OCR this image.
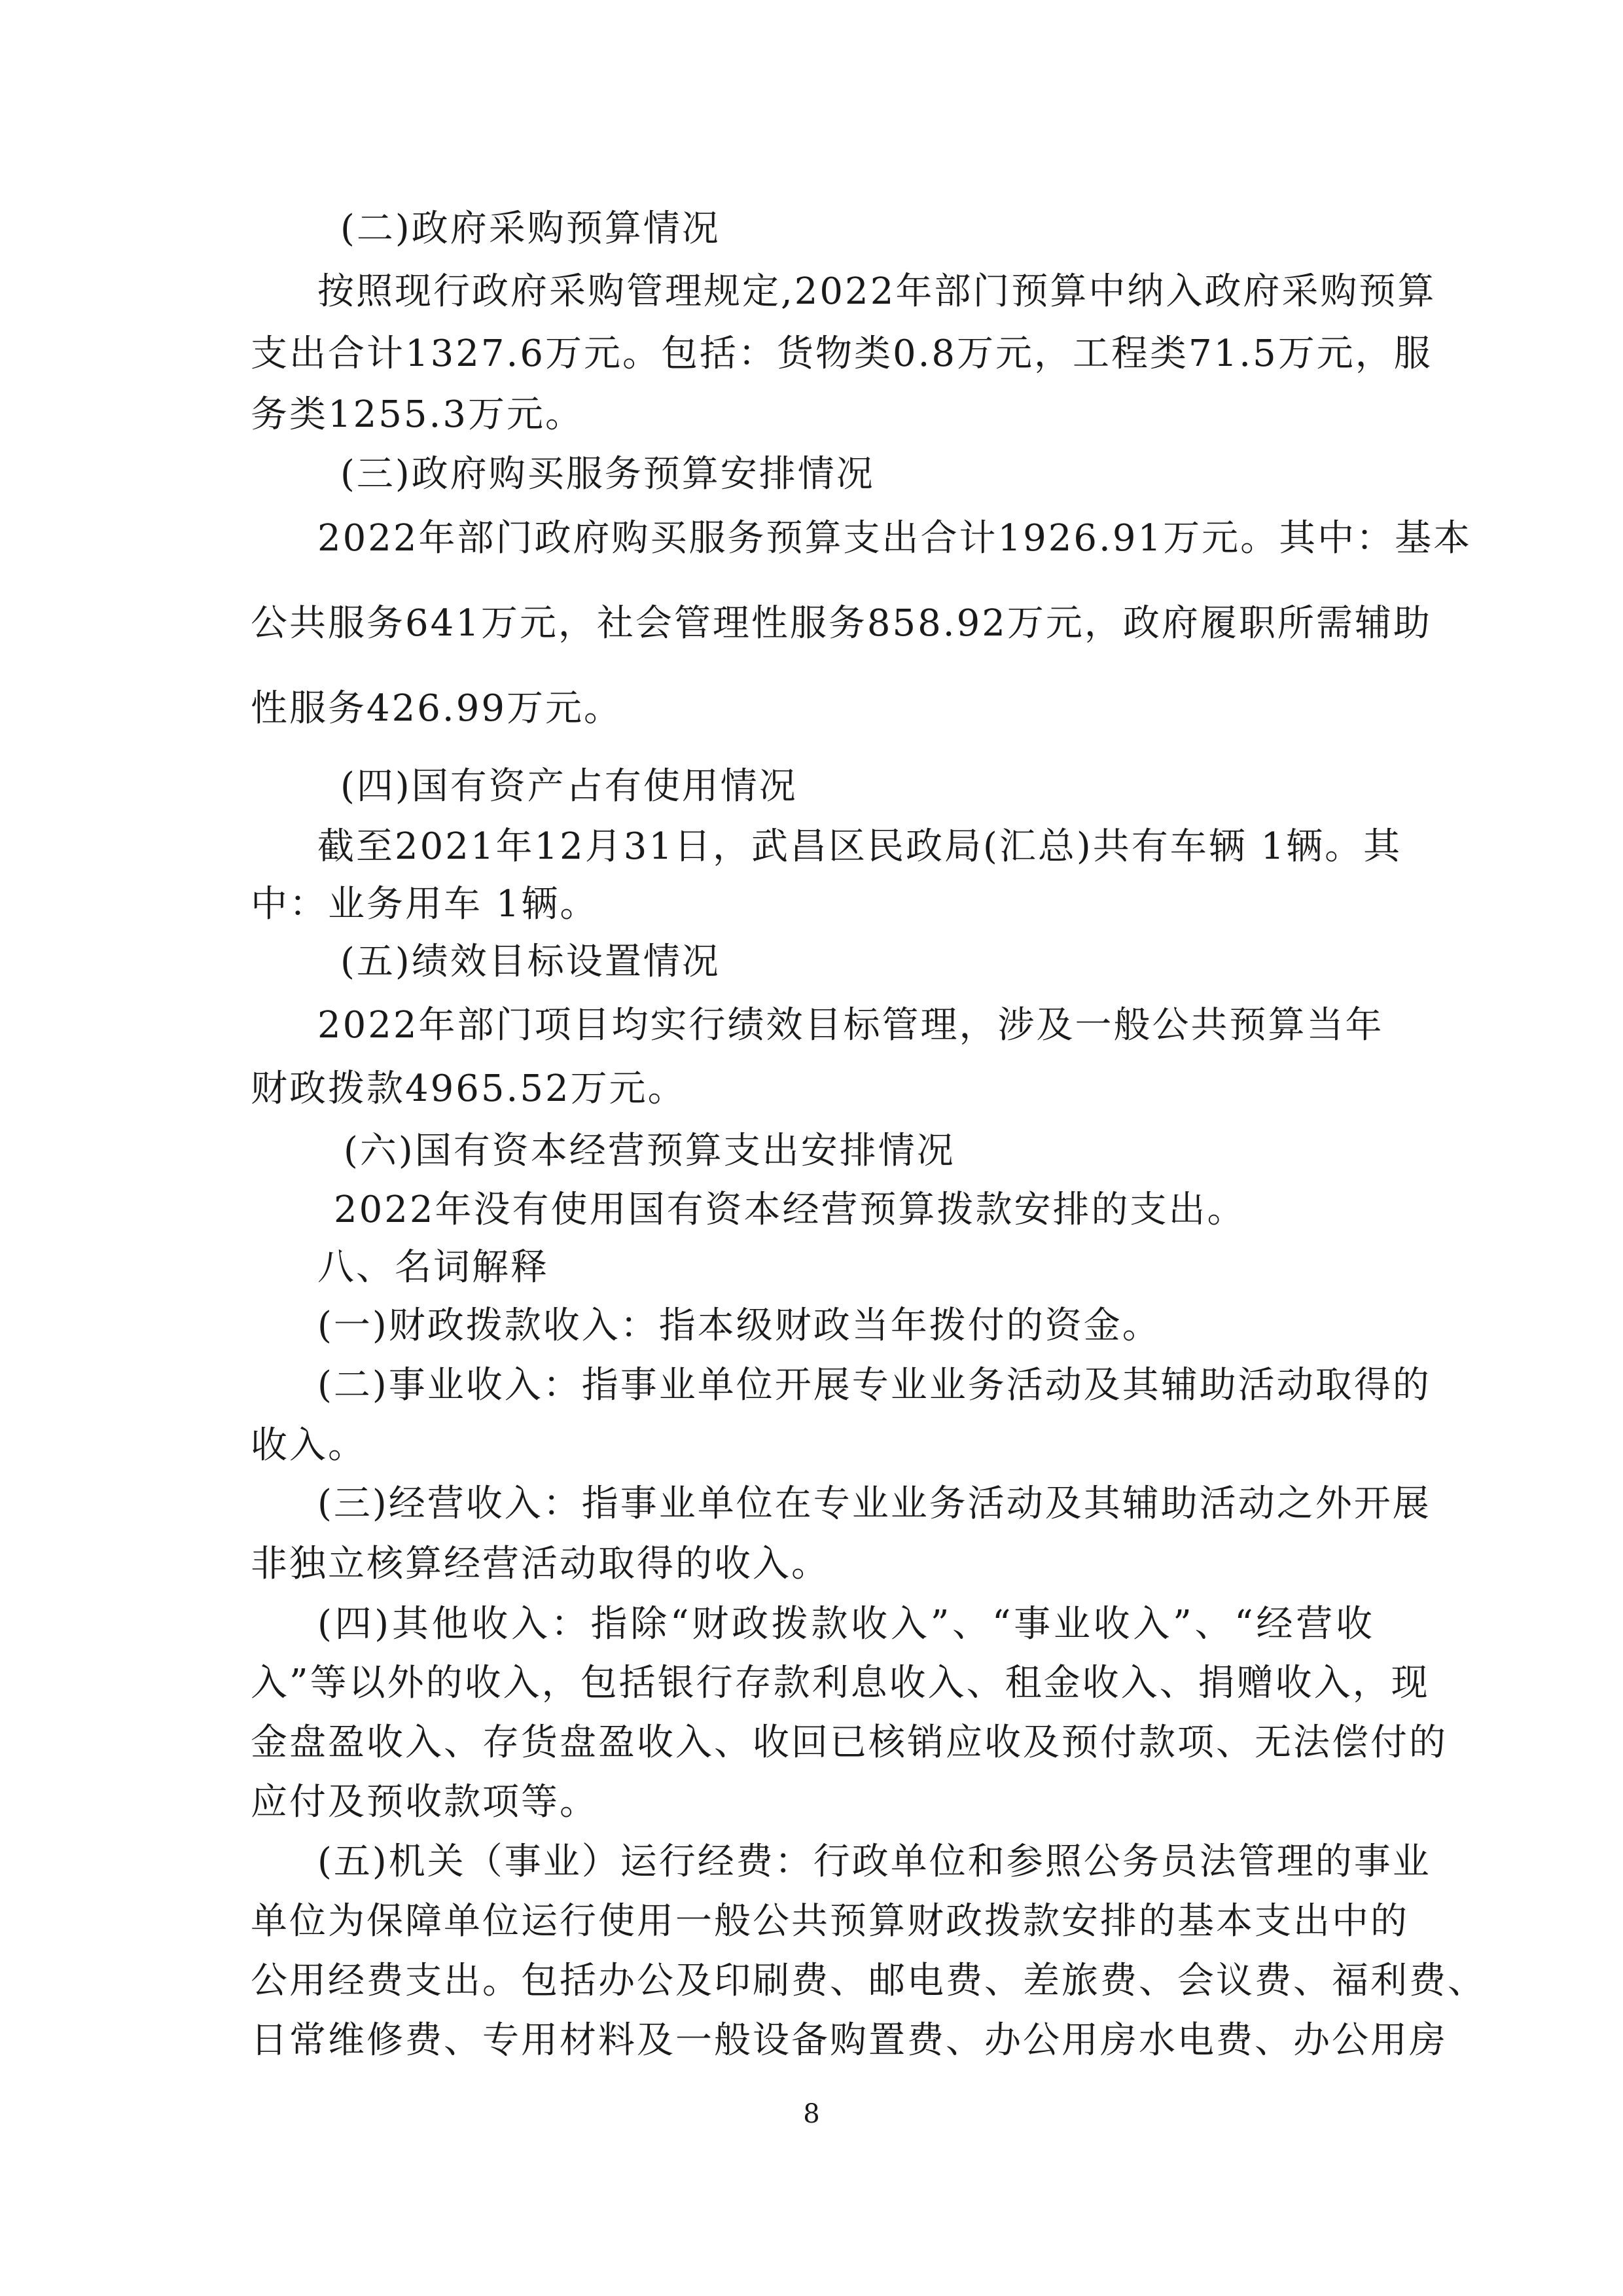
(二)政府采购预算情况
按照现行政府采购管理规定,2022年部门预算中纳入政府采购预算
支出合计1327.6万元。包括：货物类0.8万元，工程类71.5万元，服
务类1255.3万元。
(三)政府购买服务预算安排情况
2022年部门政府购买服务预算支出合计1926.91万元。其中：基本
公共服务641万元，社会管理性服务858.92万元，政府履职所需辅助
性服务426.99万元。
(四)国有资产占有使用情况
截至2021年12月31日，武昌区民政局(汇总)共有车辆 1辆。其
中：业务用车 1辆。
(五)绩效目标设置情况
2022年部门项目均实行绩效目标管理，涉及一般公共预算当年
财政拨款4965.52万元。
(六)国有资本经营预算支出安排情况
2022年没有使用国有资本经营预算拨款安排的支出。
八、名词解释
(一)财政拨款收入：指本级财政当年拨付的资金。
(二)事业收入：指事业单位开展专业业务活动及其辅助活动取得的
收入。
(三)经营收入：指事业单位在专业业务活动及其辅助活动之外开展
非独立核算经营活动取得的收入。
(四)其他收入：指除“财政拨款收入”、“事业收入”、“经营收
入”等以外的收入，包括银行存款利息收入、租金收入、捐赠收入，现
金盘盈收入、存货盘盈收入、收回已核销应收及预付款项、无法偿付的
应付及预收款项等。
(五)机关（事业）运行经费：行政单位和参照公务员法管理的事业
单位为保障单位运行使用一般公共预算财政拨款安排的基本支出中的
公用经费支出。包括办公及印刷费、邮电费、差旅费、会议费、福利费、
日常维修费、专用材料及一般设备购置费、办公用房水电费、办公用房
8
